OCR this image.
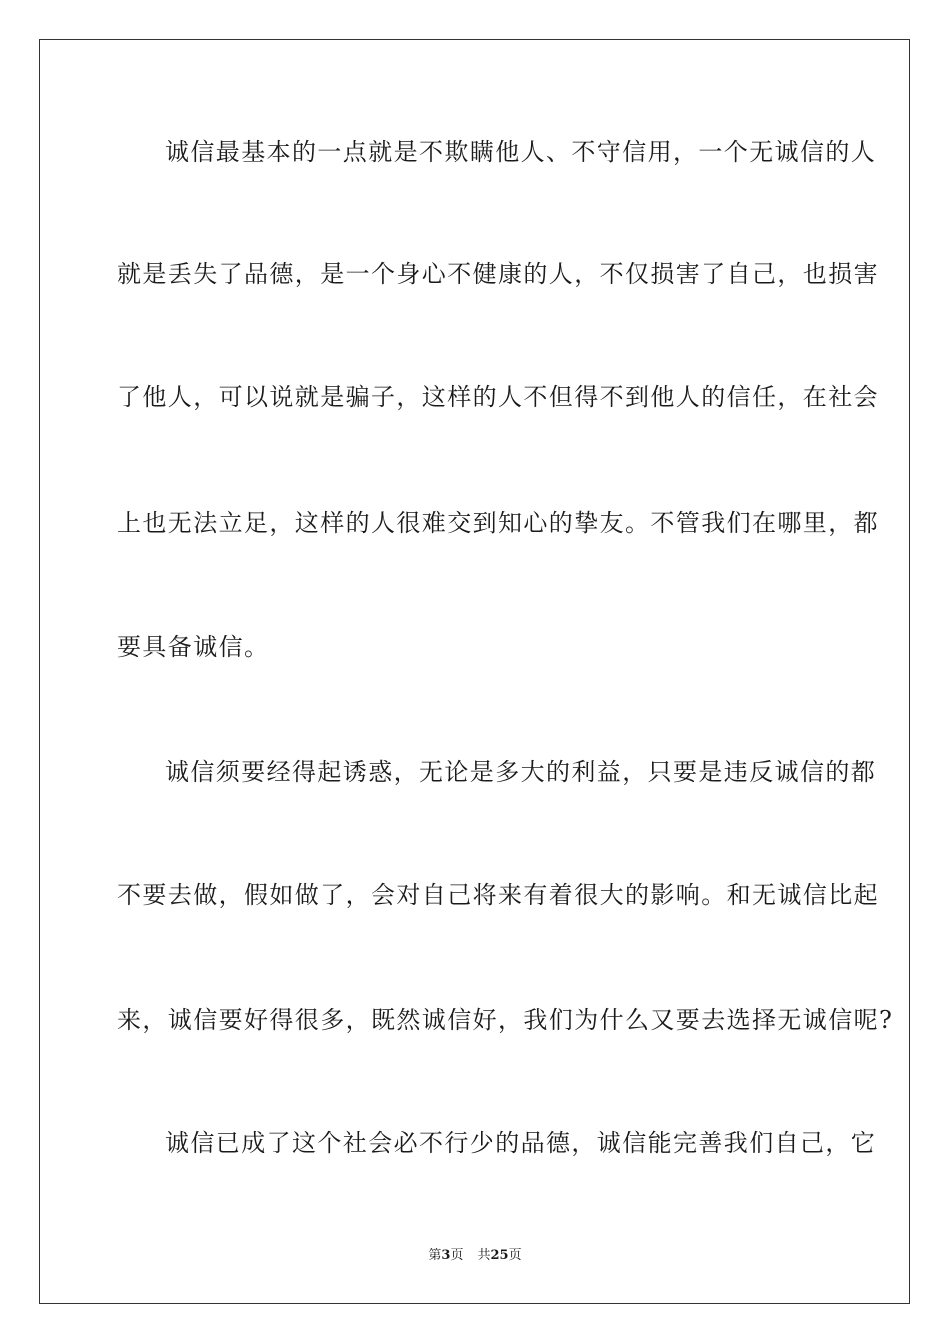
诚信最基本的一点就是不欺瞒他人、不守信用，一个无诚信的人
就是丢失了品德，是一个身心不健康的人，不仅损害了自己，也损害
了他人，可以说就是骗子，这样的人不但得不到他人的信任，在社会
上也无法立足，这样的人很难交到知心的挚友。不管我们在哪里，都
要具备诚信。
诚信须要经得起诱惑，无论是多大的利益，只要是违反诚信的都
不要去做，假如做了，会对自己将来有着很大的影响。和无诚信比起
来，诚信要好得很多，既然诚信好，我们为什么又要去选择无诚信呢?
诚信已成了这个社会必不行少的品德，诚信能完善我们自己，它
第3页 共25页
